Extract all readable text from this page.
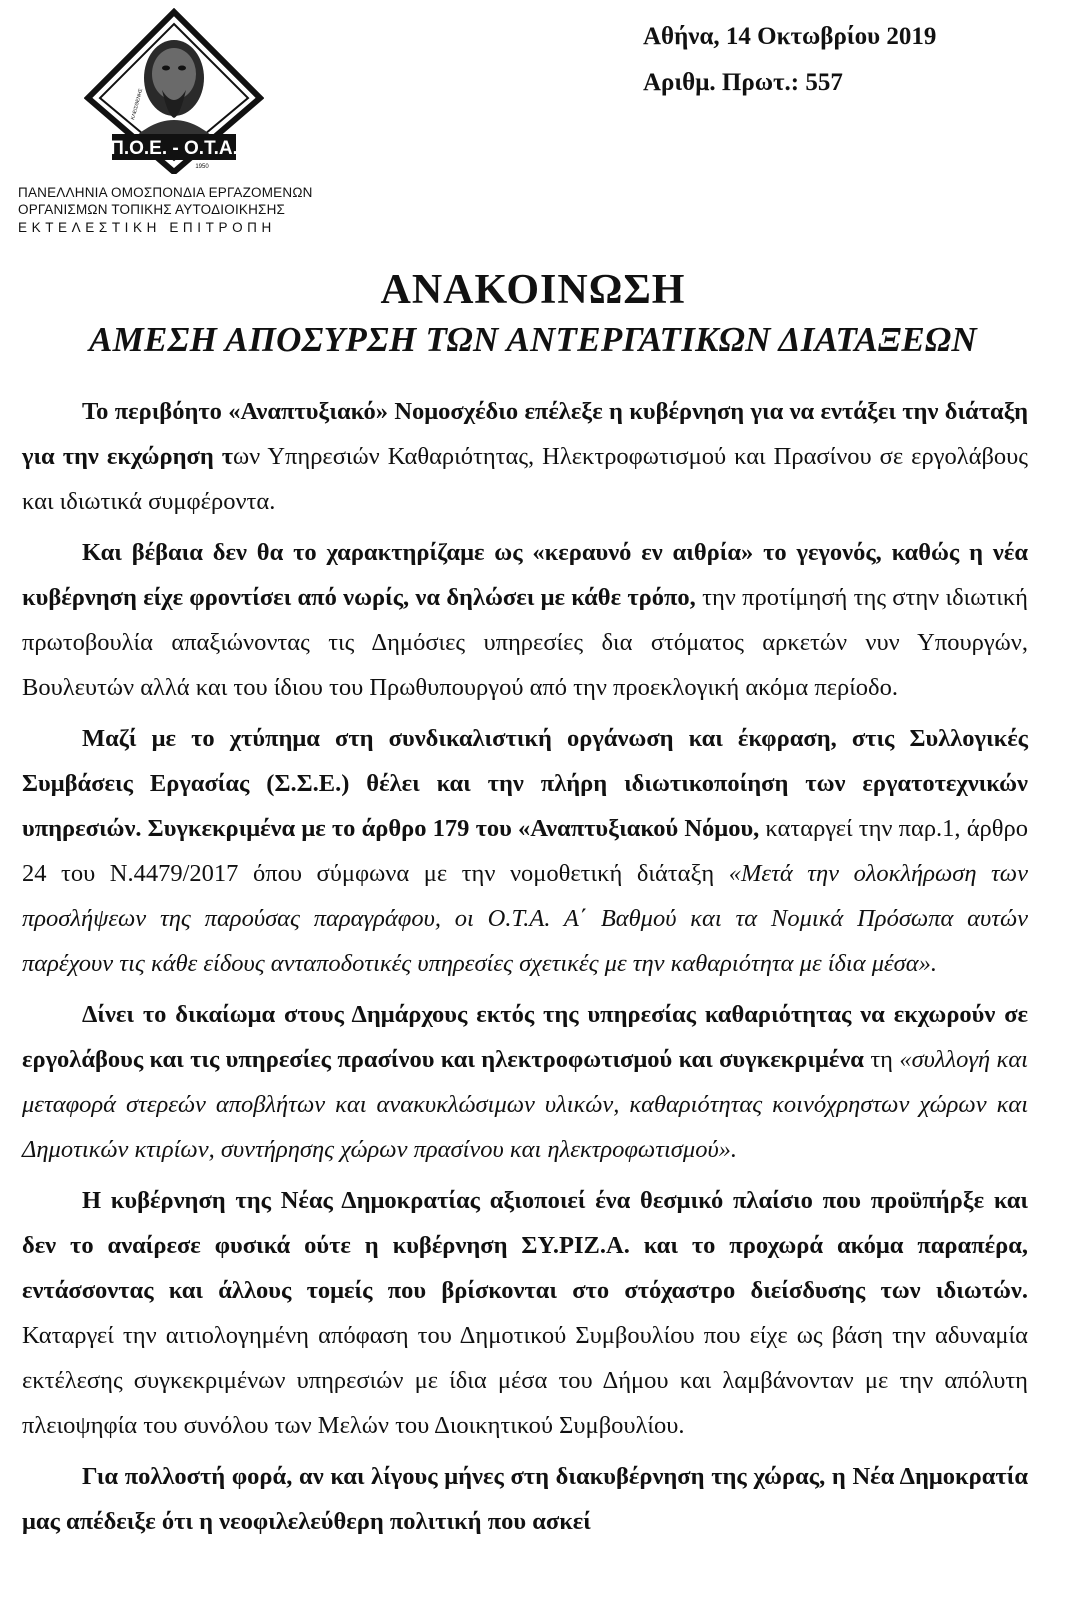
ΚΛΕΙΣΘΕΝΗΣ
Π.Ο.Ε. - Ο.Τ.Α.
1950
ΠΑΝΕΛΛΗΝΙΑ ΟΜΟΣΠΟΝΔΙΑ ΕΡΓΑΖΟΜΕΝΩΝ
ΟΡΓΑΝΙΣΜΩΝ ΤΟΠΙΚΗΣ ΑΥΤΟΔΙΟΙΚΗΣΗΣ
ΕΚΤΕΛΕΣΤΙΚΗ ΕΠΙΤΡΟΠΗ
Αθήνα, 14 Οκτωβρίου 2019
Αριθμ. Πρωτ.: 557
ΑΝΑΚΟΙΝΩΣΗ
ΑΜΕΣΗ ΑΠΟΣΥΡΣΗ ΤΩΝ ΑΝΤΕΡΓΑΤΙΚΩΝ ΔΙΑΤΑΞΕΩΝ

Το περιβόητο «Αναπτυξιακό» Νομοσχέδιο επέλεξε η κυβέρνηση για να εντάξει την διάταξη για την εκχώρηση των Υπηρεσιών Καθαριότητας, Ηλεκτροφωτισμού και Πρασίνου σε εργολάβους και ιδιωτικά συμφέροντα.

Και βέβαια δεν θα το χαρακτηρίζαμε ως «κεραυνό εν αιθρία» το γεγονός, καθώς η νέα κυβέρνηση είχε φροντίσει από νωρίς, να δηλώσει με κάθε τρόπο, την προτίμησή της στην ιδιωτική πρωτοβουλία απαξιώνοντας τις Δημόσιες υπηρεσίες δια στόματος αρκετών νυν Υπουργών, Βουλευτών αλλά και του ίδιου του Πρωθυπουργού από την προεκλογική ακόμα περίοδο.

Μαζί με το χτύπημα στη συνδικαλιστική οργάνωση και έκφραση, στις Συλλογικές Συμβάσεις Εργασίας (Σ.Σ.Ε.) θέλει και την πλήρη ιδιωτικοποίηση των εργατοτεχνικών υπηρεσιών. Συγκεκριμένα με το άρθρο 179 του «Αναπτυξιακού Νόμου, καταργεί την παρ.1, άρθρο 24 του Ν.4479/2017 όπου σύμφωνα με την νομοθετική διάταξη «Μετά την ολοκλήρωση των προσλήψεων της παρούσας παραγράφου, οι Ο.Τ.Α. Α΄ Βαθμού και τα Νομικά Πρόσωπα αυτών παρέχουν τις κάθε είδους ανταποδοτικές υπηρεσίες σχετικές με την καθαριότητα με ίδια μέσα».

Δίνει το δικαίωμα στους Δημάρχους εκτός της υπηρεσίας καθαριότητας να εκχωρούν σε εργολάβους και τις υπηρεσίες πρασίνου και ηλεκτροφωτισμού και συγκεκριμένα τη «συλλογή και μεταφορά στερεών αποβλήτων και ανακυκλώσιμων υλικών, καθαριότητας κοινόχρηστων χώρων και Δημοτικών κτιρίων, συντήρησης χώρων πρασίνου και ηλεκτροφωτισμού».

Η κυβέρνηση της Νέας Δημοκρατίας αξιοποιεί ένα θεσμικό πλαίσιο που προϋπήρξε και δεν το αναίρεσε φυσικά ούτε η κυβέρνηση ΣΥ.ΡΙΖ.Α. και το προχωρά ακόμα παραπέρα, εντάσσοντας και άλλους τομείς που βρίσκονται στο στόχαστρο διείσδυσης των ιδιωτών. Καταργεί την αιτιολογημένη απόφαση του Δημοτικού Συμβουλίου που είχε ως βάση την αδυναμία εκτέλεσης συγκεκριμένων υπηρεσιών με ίδια μέσα του Δήμου και λαμβάνονταν με την απόλυτη πλειοψηφία του συνόλου των Μελών του Διοικητικού Συμβουλίου.

Για πολλοστή φορά, αν και λίγους μήνες στη διακυβέρνηση της χώρας, η Νέα Δημοκρατία μας απέδειξε ότι η νεοφιλελεύθερη πολιτική που ασκεί
